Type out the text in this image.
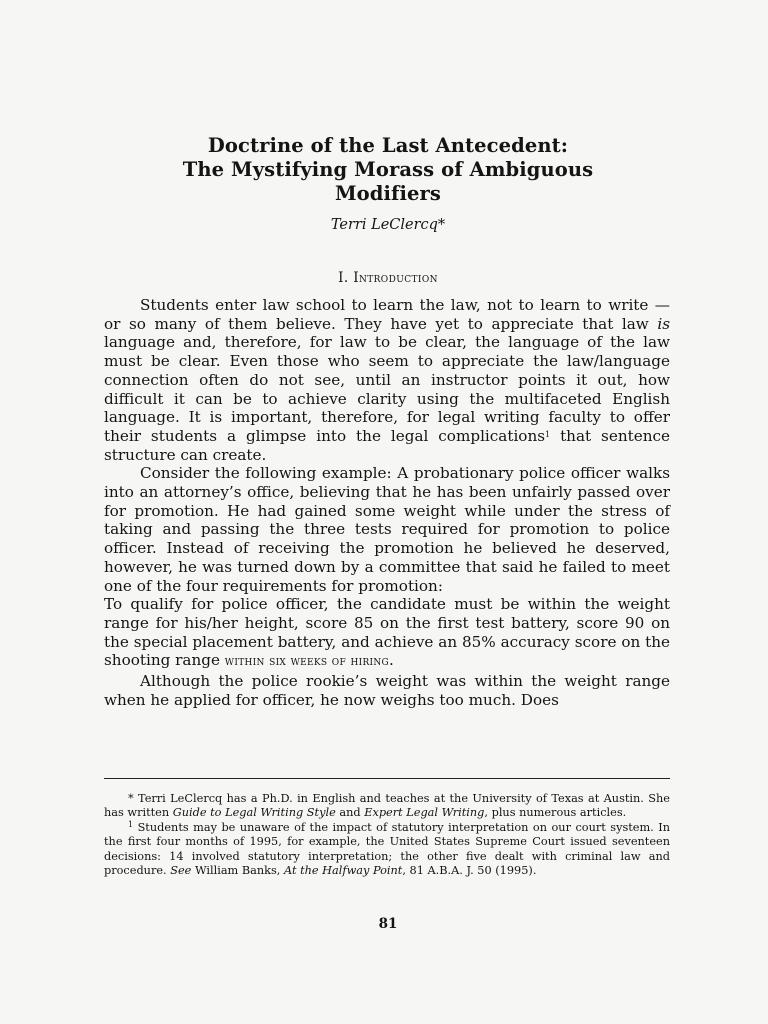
Doctrine of the Last Antecedent:
The Mystifying Morass of Ambiguous
Modifiers
Terri LeClercq*
I. Introduction

Students enter law school to learn the law, not to learn to write — or so many of them believe. They have yet to appreciate that law is language and, therefore, for law to be clear, the language of the law must be clear. Even those who seem to appreciate the law/language connection often do not see, until an instructor points it out, how difficult it can be to achieve clarity using the multifaceted English language. It is important, therefore, for legal writing faculty to offer their students a glimpse into the legal complications$^1$ that sentence structure can create.

Consider the following example: A probationary police officer walks into an attorney’s office, believing that he has been unfairly passed over for promotion. He had gained some weight while under the stress of taking and passing the three tests required for promotion to police officer. Instead of receiving the promotion he believed he deserved, however, he was turned down by a committee that said he failed to meet one of the four requirements for promotion:

To qualify for police officer, the candidate must be within the weight range for his/her height, score 85 on the first test battery, score 90 on the special placement battery, and achieve an 85% accuracy score on the shooting range within six weeks of hiring.

Although the police rookie’s weight was within the weight range when he applied for officer, he now weighs too much. Does

* Terri LeClercq has a Ph.D. in English and teaches at the University of Texas at Austin. She has written Guide to Legal Writing Style and Expert Legal Writing, plus numerous articles.

$^1$ Students may be unaware of the impact of statutory interpretation on our court system. In the first four months of 1995, for example, the United States Supreme Court issued seventeen decisions: 14 involved statutory interpretation; the other five dealt with criminal law and procedure. See William Banks, At the Halfway Point, 81 A.B.A. J. 50 (1995).

81
